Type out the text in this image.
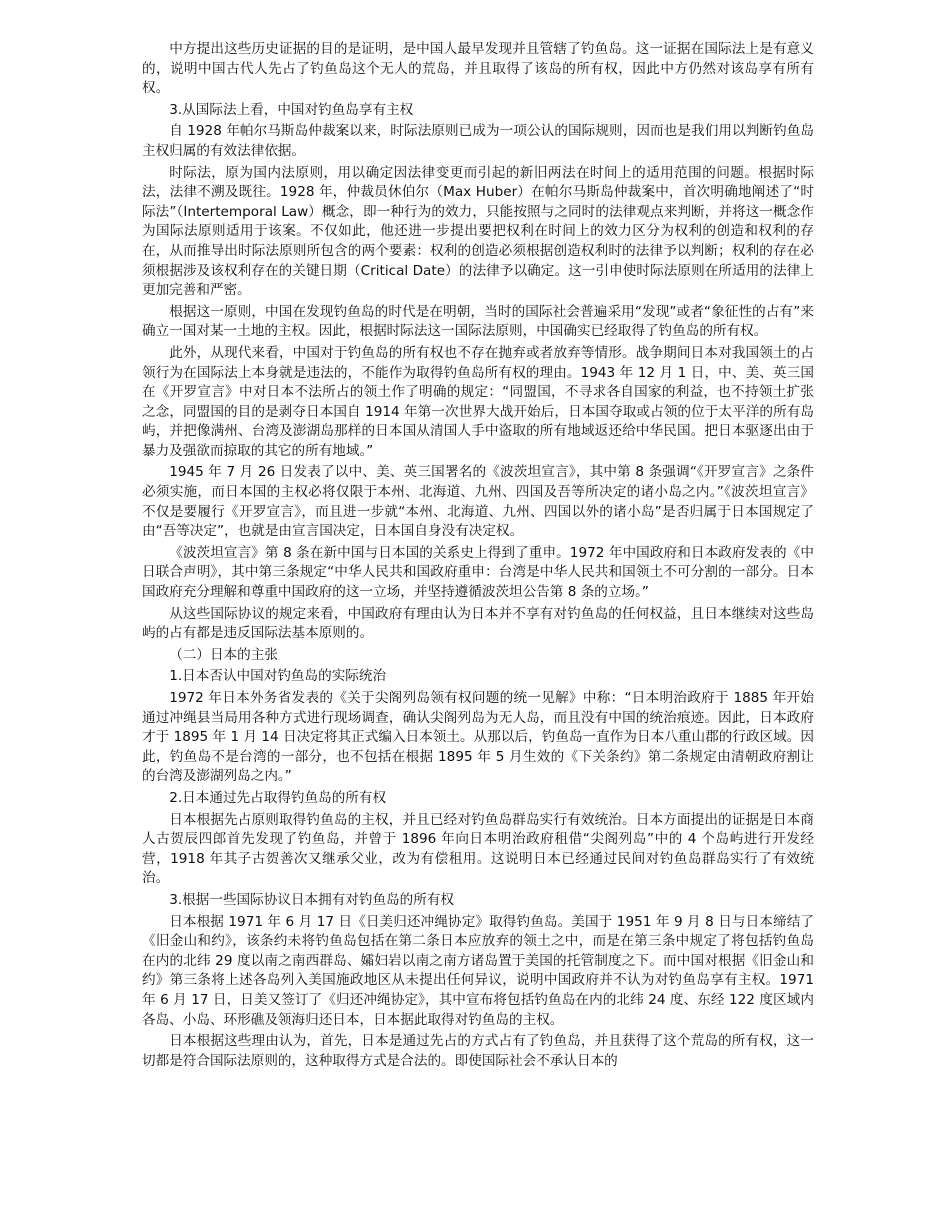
中方提出这些历史证据的目的是证明，是中国人最早发现并且管辖了钓鱼岛。这一证据在国际法上是有意义的，说明中国古代人先占了钓鱼岛这个无人的荒岛，并且取得了该岛的所有权，因此中方仍然对该岛享有所有权。

3.从国际法上看，中国对钓鱼岛享有主权

自 1928 年帕尔马斯岛仲裁案以来，时际法原则已成为一项公认的国际规则，因而也是我们用以判断钓鱼岛主权归属的有效法律依据。

时际法，原为国内法原则，用以确定因法律变更而引起的新旧两法在时间上的适用范围的问题。根据时际法，法律不溯及既往。1928 年，仲裁员休伯尔（Max Huber）在帕尔马斯岛仲裁案中，首次明确地阐述了“时际法”（Intertemporal Law）概念，即一种行为的效力，只能按照与之同时的法律观点来判断，并将这一概念作为国际法原则适用于该案。不仅如此，他还进一步提出要把权利在时间上的效力区分为权利的创造和权利的存在，从而推导出时际法原则所包含的两个要素：权利的创造必须根据创造权利时的法律予以判断；权利的存在必须根据涉及该权利存在的关键日期（Critical Date）的法律予以确定。这一引申使时际法原则在所适用的法律上更加完善和严密。

根据这一原则，中国在发现钓鱼岛的时代是在明朝，当时的国际社会普遍采用“发现”或者“象征性的占有”来确立一国对某一土地的主权。因此，根据时际法这一国际法原则，中国确实已经取得了钓鱼岛的所有权。

此外，从现代来看，中国对于钓鱼岛的所有权也不存在抛弃或者放弃等情形。战争期间日本对我国领土的占领行为在国际法上本身就是违法的，不能作为取得钓鱼岛所有权的理由。1943 年 12 月 1 日，中、美、英三国在《开罗宣言》中对日本不法所占的领土作了明确的规定：“同盟国，不寻求各自国家的利益，也不持领土扩张之念，同盟国的目的是剥夺日本国自 1914 年第一次世界大战开始后，日本国夺取或占领的位于太平洋的所有岛屿，并把像满州、台湾及澎湖岛那样的日本国从清国人手中盗取的所有地域返还给中华民国。把日本驱逐出由于暴力及强欲而掠取的其它的所有地域。”

1945 年 7 月 26 日发表了以中、美、英三国署名的《波茨坦宣言》，其中第 8 条强调“《开罗宣言》之条件必须实施，而日本国的主权必将仅限于本州、北海道、九州、四国及吾等所决定的诸小岛之内。”《波茨坦宣言》不仅是要履行《开罗宣言》，而且进一步就“本州、北海道、九州、四国以外的诸小岛”是否归属于日本国规定了由“吾等决定”，也就是由宣言国决定，日本国自身没有决定权。

《波茨坦宣言》第 8 条在新中国与日本国的关系史上得到了重申。1972 年中国政府和日本政府发表的《中日联合声明》，其中第三条规定“中华人民共和国政府重申：台湾是中华人民共和国领土不可分割的一部分。日本国政府充分理解和尊重中国政府的这一立场，并坚持遵循波茨坦公告第 8 条的立场。”

从这些国际协议的规定来看，中国政府有理由认为日本并不享有对钓鱼岛的任何权益，且日本继续对这些岛屿的占有都是违反国际法基本原则的。

（二）日本的主张

1.日本否认中国对钓鱼岛的实际统治

1972 年日本外务省发表的《关于尖阁列岛领有权问题的统一见解》中称：“日本明治政府于 1885 年开始通过冲绳县当局用各种方式进行现场调查，确认尖阁列岛为无人岛，而且没有中国的统治痕迹。因此，日本政府才于 1895 年 1 月 14 日决定将其正式编入日本领土。从那以后，钓鱼岛一直作为日本八重山郡的行政区域。因此，钓鱼岛不是台湾的一部分，也不包括在根据 1895 年 5 月生效的《下关条约》第二条规定由清朝政府割让的台湾及澎湖列岛之内。”

2.日本通过先占取得钓鱼岛的所有权

日本根据先占原则取得钓鱼岛的主权，并且已经对钓鱼岛群岛实行有效统治。日本方面提出的证据是日本商人古贺辰四郎首先发现了钓鱼岛，并曾于 1896 年向日本明治政府租借“尖阁列岛”中的 4 个岛屿进行开发经营，1918 年其子古贺善次又继承父业，改为有偿租用。这说明日本已经通过民间对钓鱼岛群岛实行了有效统治。

3.根据一些国际协议日本拥有对钓鱼岛的所有权

日本根据 1971 年 6 月 17 日《日美归还冲绳协定》取得钓鱼岛。美国于 1951 年 9 月 8 日与日本缔结了《旧金山和约》，该条约未将钓鱼岛包括在第二条日本应放弃的领土之中，而是在第三条中规定了将包括钓鱼岛在内的北纬 29 度以南之南西群岛、孀妇岩以南之南方诸岛置于美国的托管制度之下。而中国对根据《旧金山和约》第三条将上述各岛列入美国施政地区从未提出任何异议，说明中国政府并不认为对钓鱼岛享有主权。1971 年 6 月 17 日，日美又签订了《归还冲绳协定》，其中宣布将包括钓鱼岛在内的北纬 24 度、东经 122 度区域内各岛、小岛、环形礁及领海归还日本，日本据此取得对钓鱼岛的主权。

日本根据这些理由认为，首先，日本是通过先占的方式占有了钓鱼岛，并且获得了这个荒岛的所有权，这一切都是符合国际法原则的，这种取得方式是合法的。即使国际社会不承认日本的
